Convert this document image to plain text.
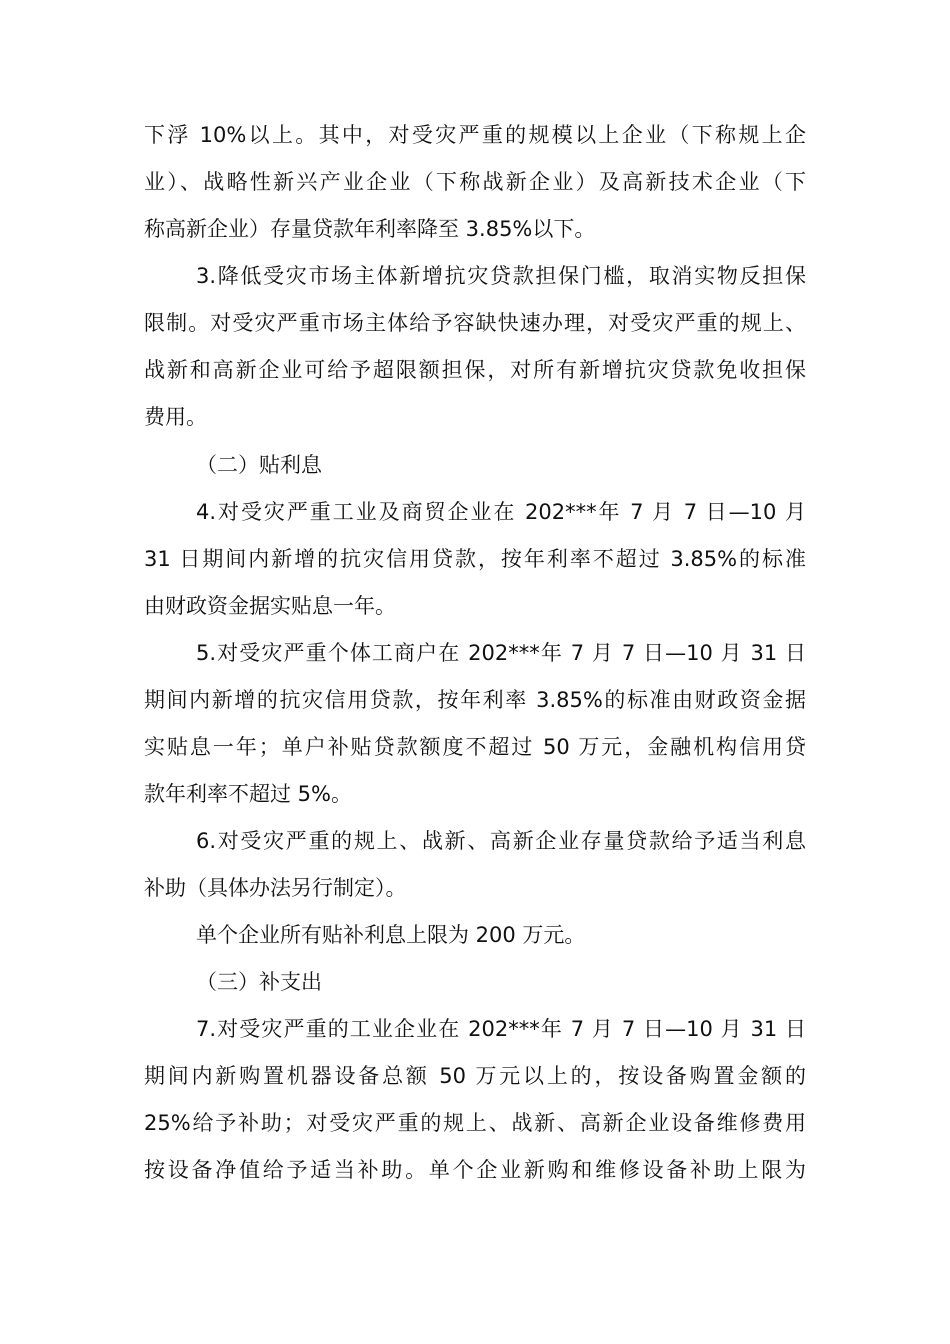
下浮 10%以上。其中，对受灾严重的规模以上企业（下称规上企
业）、战略性新兴产业企业（下称战新企业）及高新技术企业（下
称高新企业）存量贷款年利率降至 3.85%以下。
3.降低受灾市场主体新增抗灾贷款担保门槛，取消实物反担保
限制。对受灾严重市场主体给予容缺快速办理，对受灾严重的规上、
战新和高新企业可给予超限额担保，对所有新增抗灾贷款免收担保
费用。
（二）贴利息
4.对受灾严重工业及商贸企业在 202***年 7 月 7 日—10 月
31 日期间内新增的抗灾信用贷款，按年利率不超过 3.85%的标准
由财政资金据实贴息一年。
5.对受灾严重个体工商户在 202***年 7 月 7 日—10 月 31 日
期间内新增的抗灾信用贷款，按年利率 3.85%的标准由财政资金据
实贴息一年；单户补贴贷款额度不超过 50 万元，金融机构信用贷
款年利率不超过 5%。
6.对受灾严重的规上、战新、高新企业存量贷款给予适当利息
补助（具体办法另行制定）。
单个企业所有贴补利息上限为 200 万元。
（三）补支出
7.对受灾严重的工业企业在 202***年 7 月 7 日—10 月 31 日
期间内新购置机器设备总额 50 万元以上的，按设备购置金额的
25%给予补助；对受灾严重的规上、战新、高新企业设备维修费用
按设备净值给予适当补助。单个企业新购和维修设备补助上限为
